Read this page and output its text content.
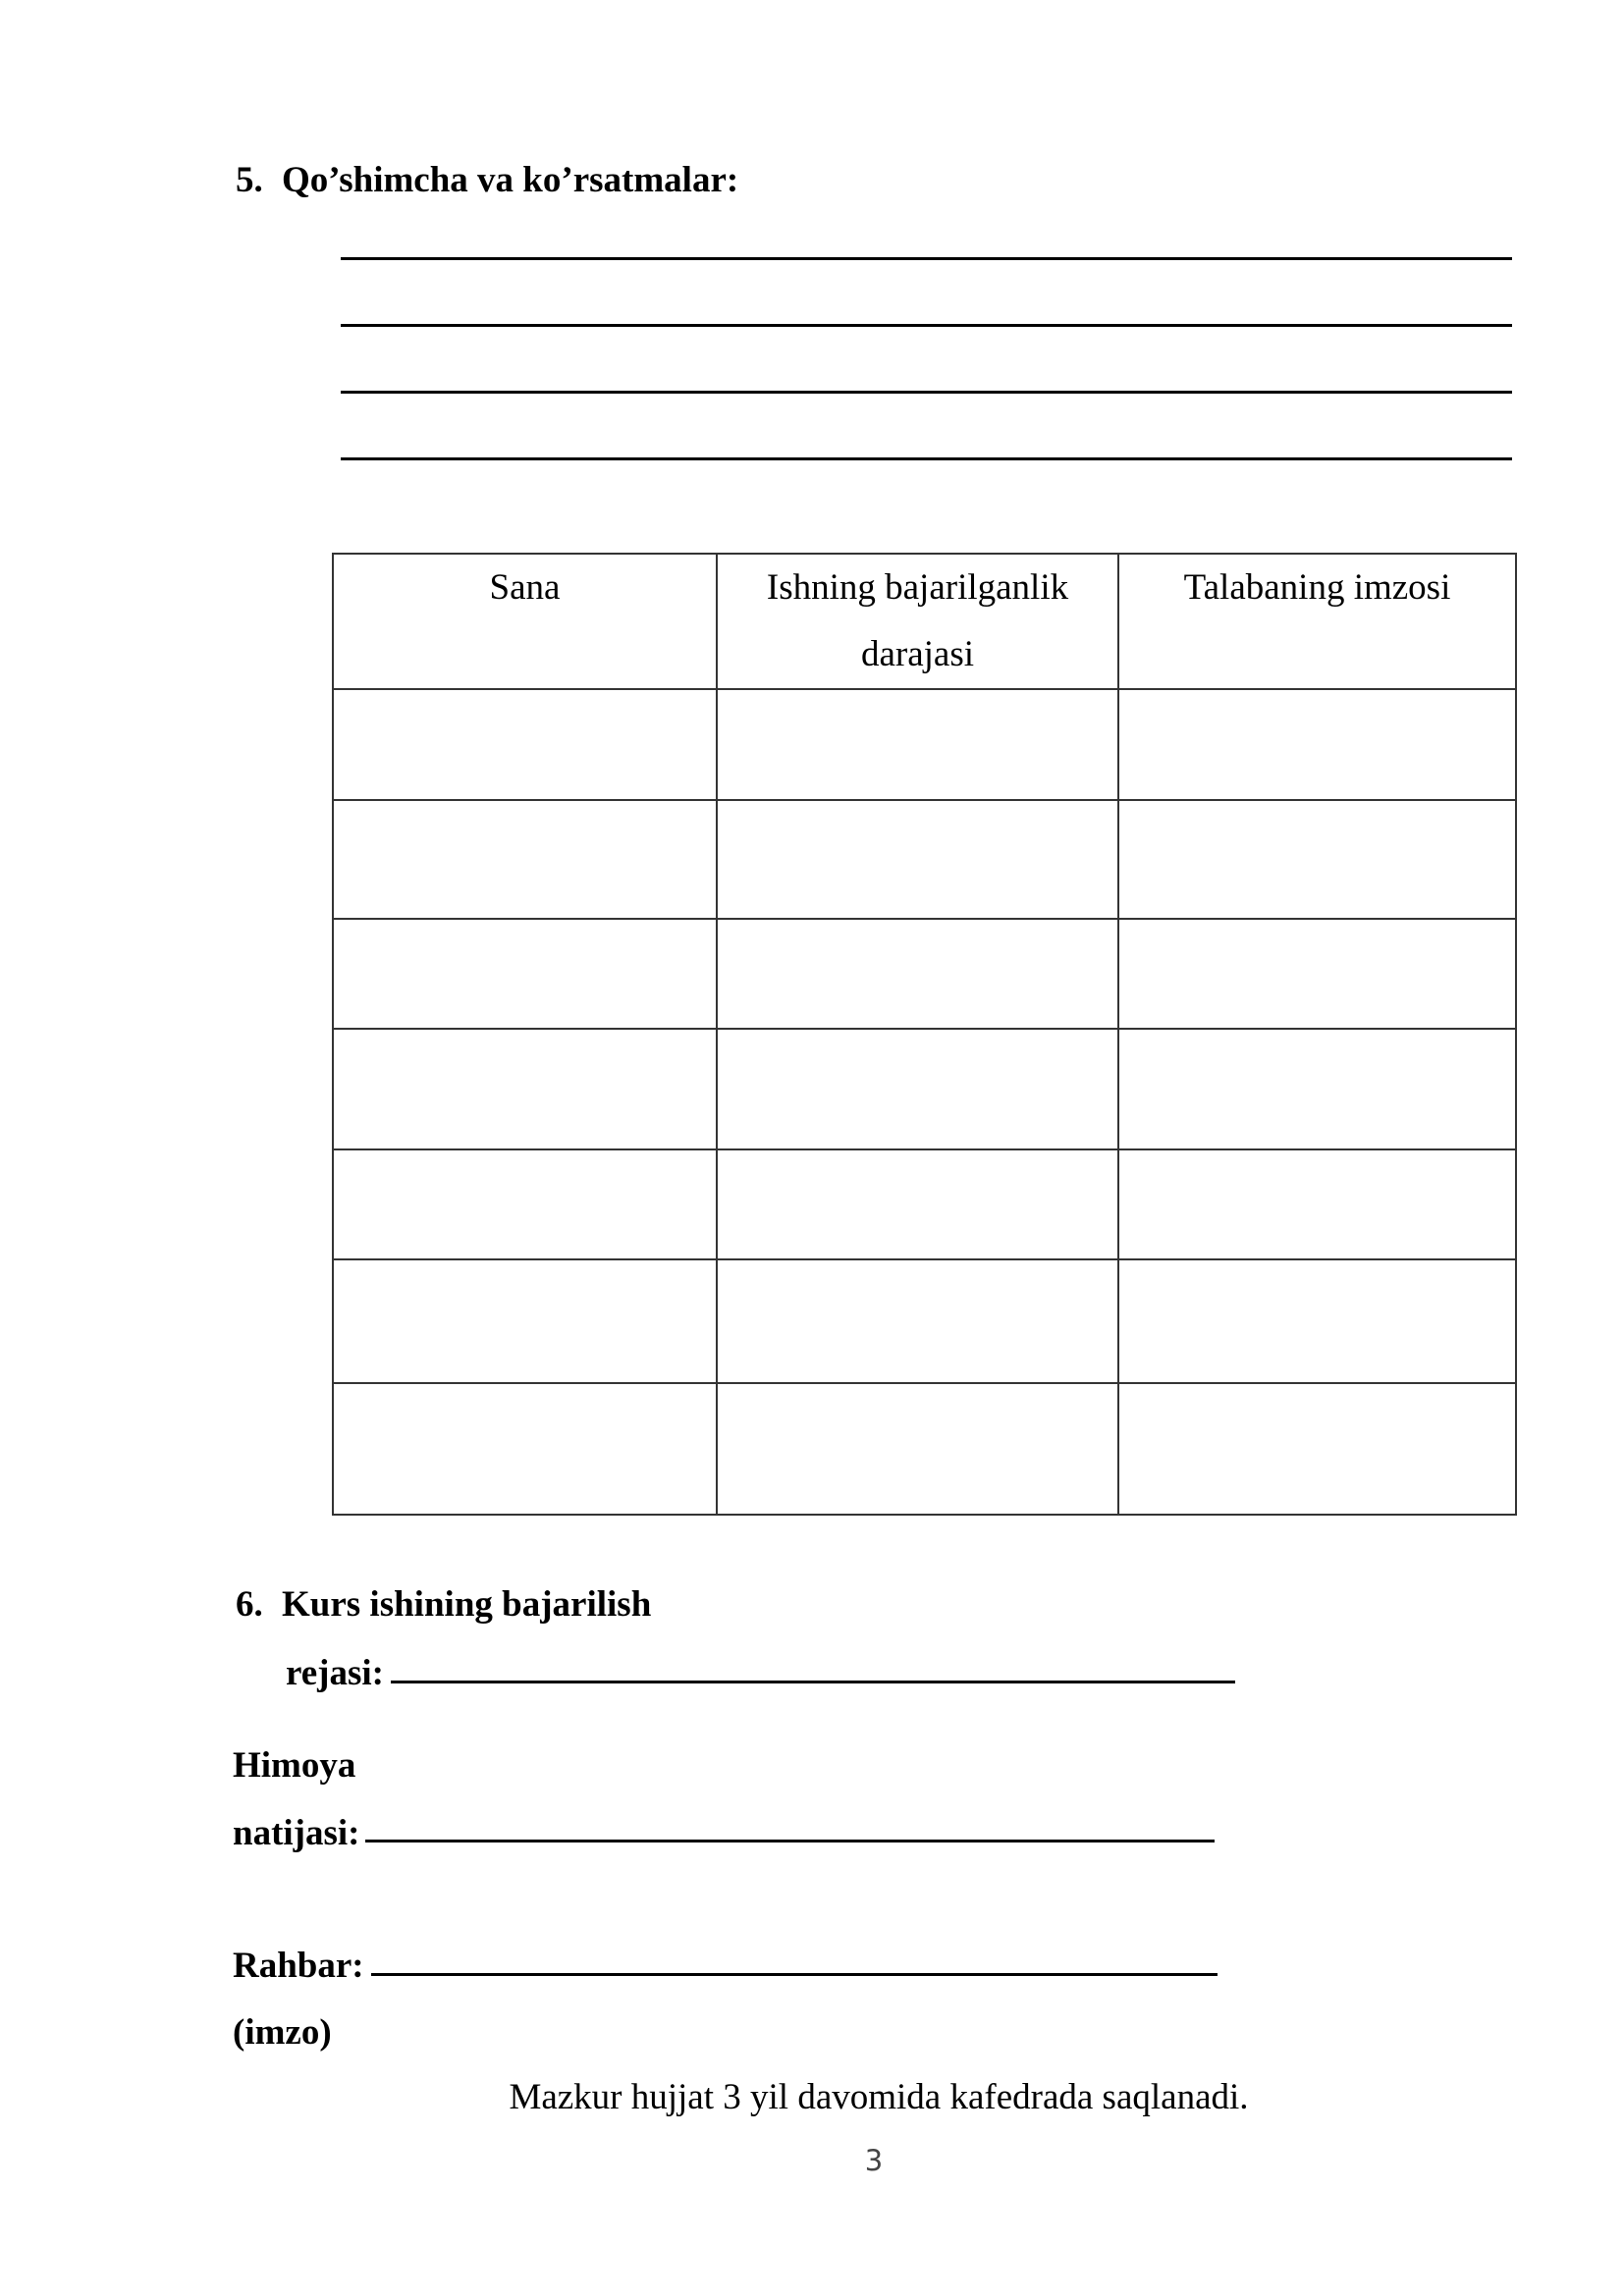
5. Qo’shimcha va ko’rsatmalar:
Sana	Ishning bajarilganlik darajasi	Talabaning imzosi

6. Kurs ishining bajarilish
rejasi:
Himoya
natijasi:
Rahbar:
(imzo)
Mazkur hujjat 3 yil davomida kafedrada saqlanadi.
3
